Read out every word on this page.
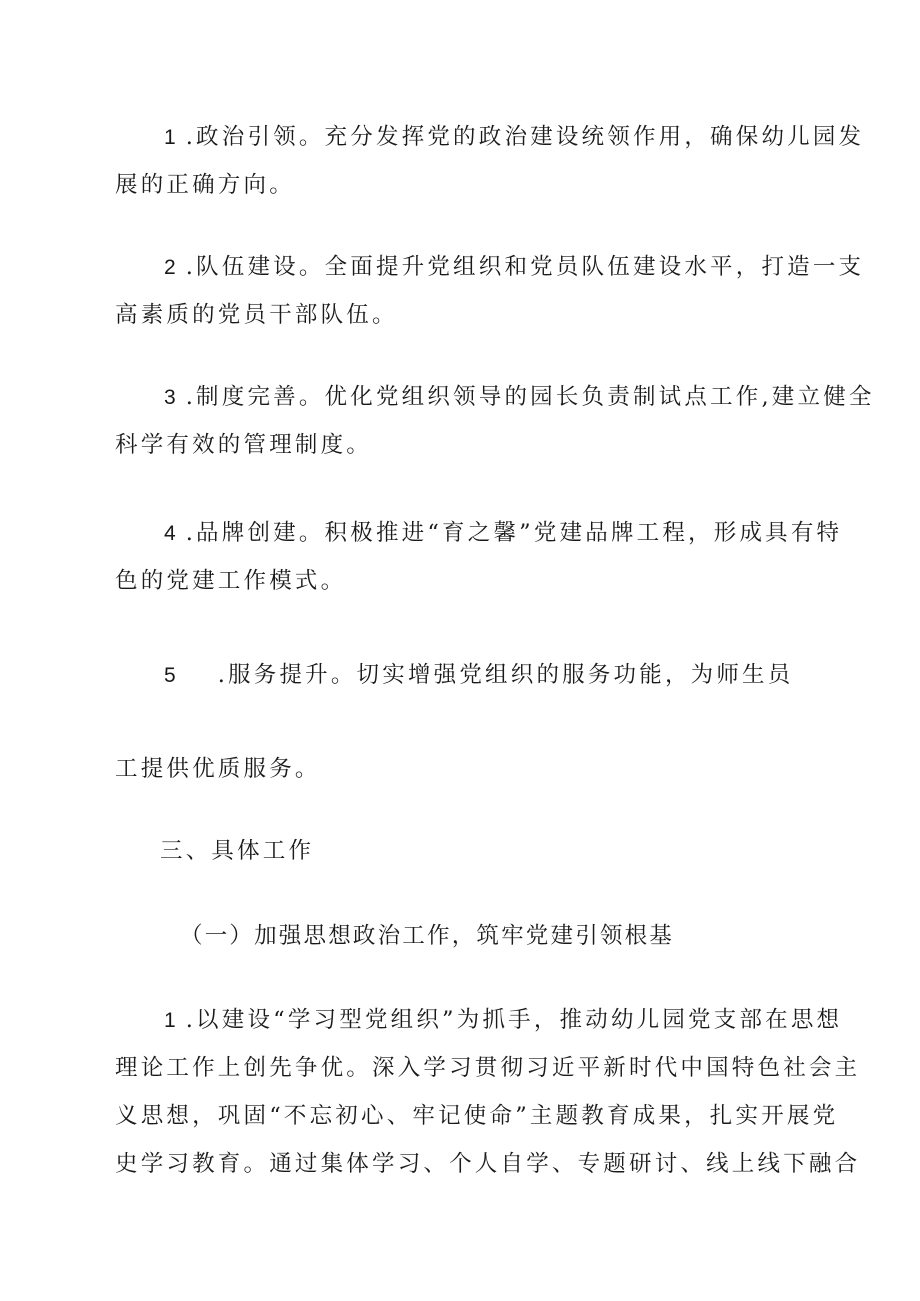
1 .政治引领。充分发挥党的政治建设统领作用，确保幼儿园发
展的正确方向。
2 .队伍建设。全面提升党组织和党员队伍建设水平，打造一支
高素质的党员干部队伍。
3 .制度完善。优化党组织领导的园长负责制试点工作,建立健全
科学有效的管理制度。
4 .品牌创建。积极推进“育之馨”党建品牌工程，形成具有特
色的党建工作模式。
5 .服务提升。切实增强党组织的服务功能，为师生员
工提供优质服务。
三、具体工作
（一）加强思想政治工作，筑牢党建引领根基
1 .以建设“学习型党组织”为抓手，推动幼儿园党支部在思想
理论工作上创先争优。深入学习贯彻习近平新时代中国特色社会主
义思想，巩固“不忘初心、牢记使命”主题教育成果，扎实开展党
史学习教育。通过集体学习、个人自学、专题研讨、线上线下融合
